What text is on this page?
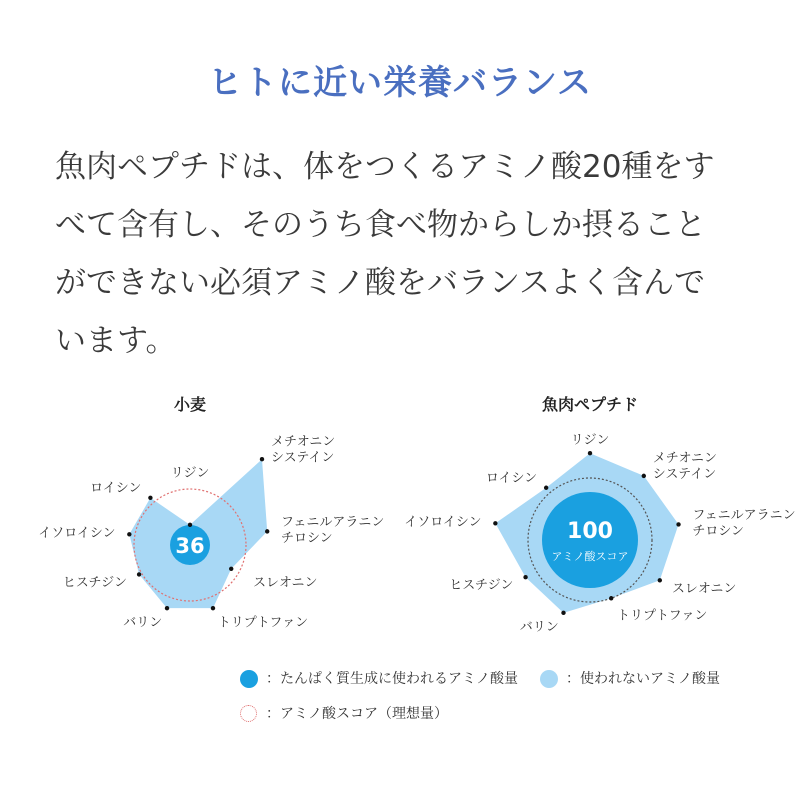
ヒトに近い栄養バランス
魚肉ペプチドは、体をつくるアミノ酸20種をす
べて含有し、そのうち食べ物からしか摂ること
ができない必須アミノ酸をバランスよく含んで
います。
小麦
リジン
メチオニン
システイン
フェニルアラニン
チロシン
スレオニン
トリプトファン
バリン
ヒスチジン
イソロイシン
ロイシン
36
魚肉ペプチド
リジン
メチオニン
システイン
フェニルアラニン
チロシン
スレオニン
トリプトファン
バリン
ヒスチジン
イソロイシン
ロイシン
100
アミノ酸スコア
：たんぱく質生成に使われるアミノ酸量	：使われないアミノ酸量
：アミノ酸スコア（理想量）
